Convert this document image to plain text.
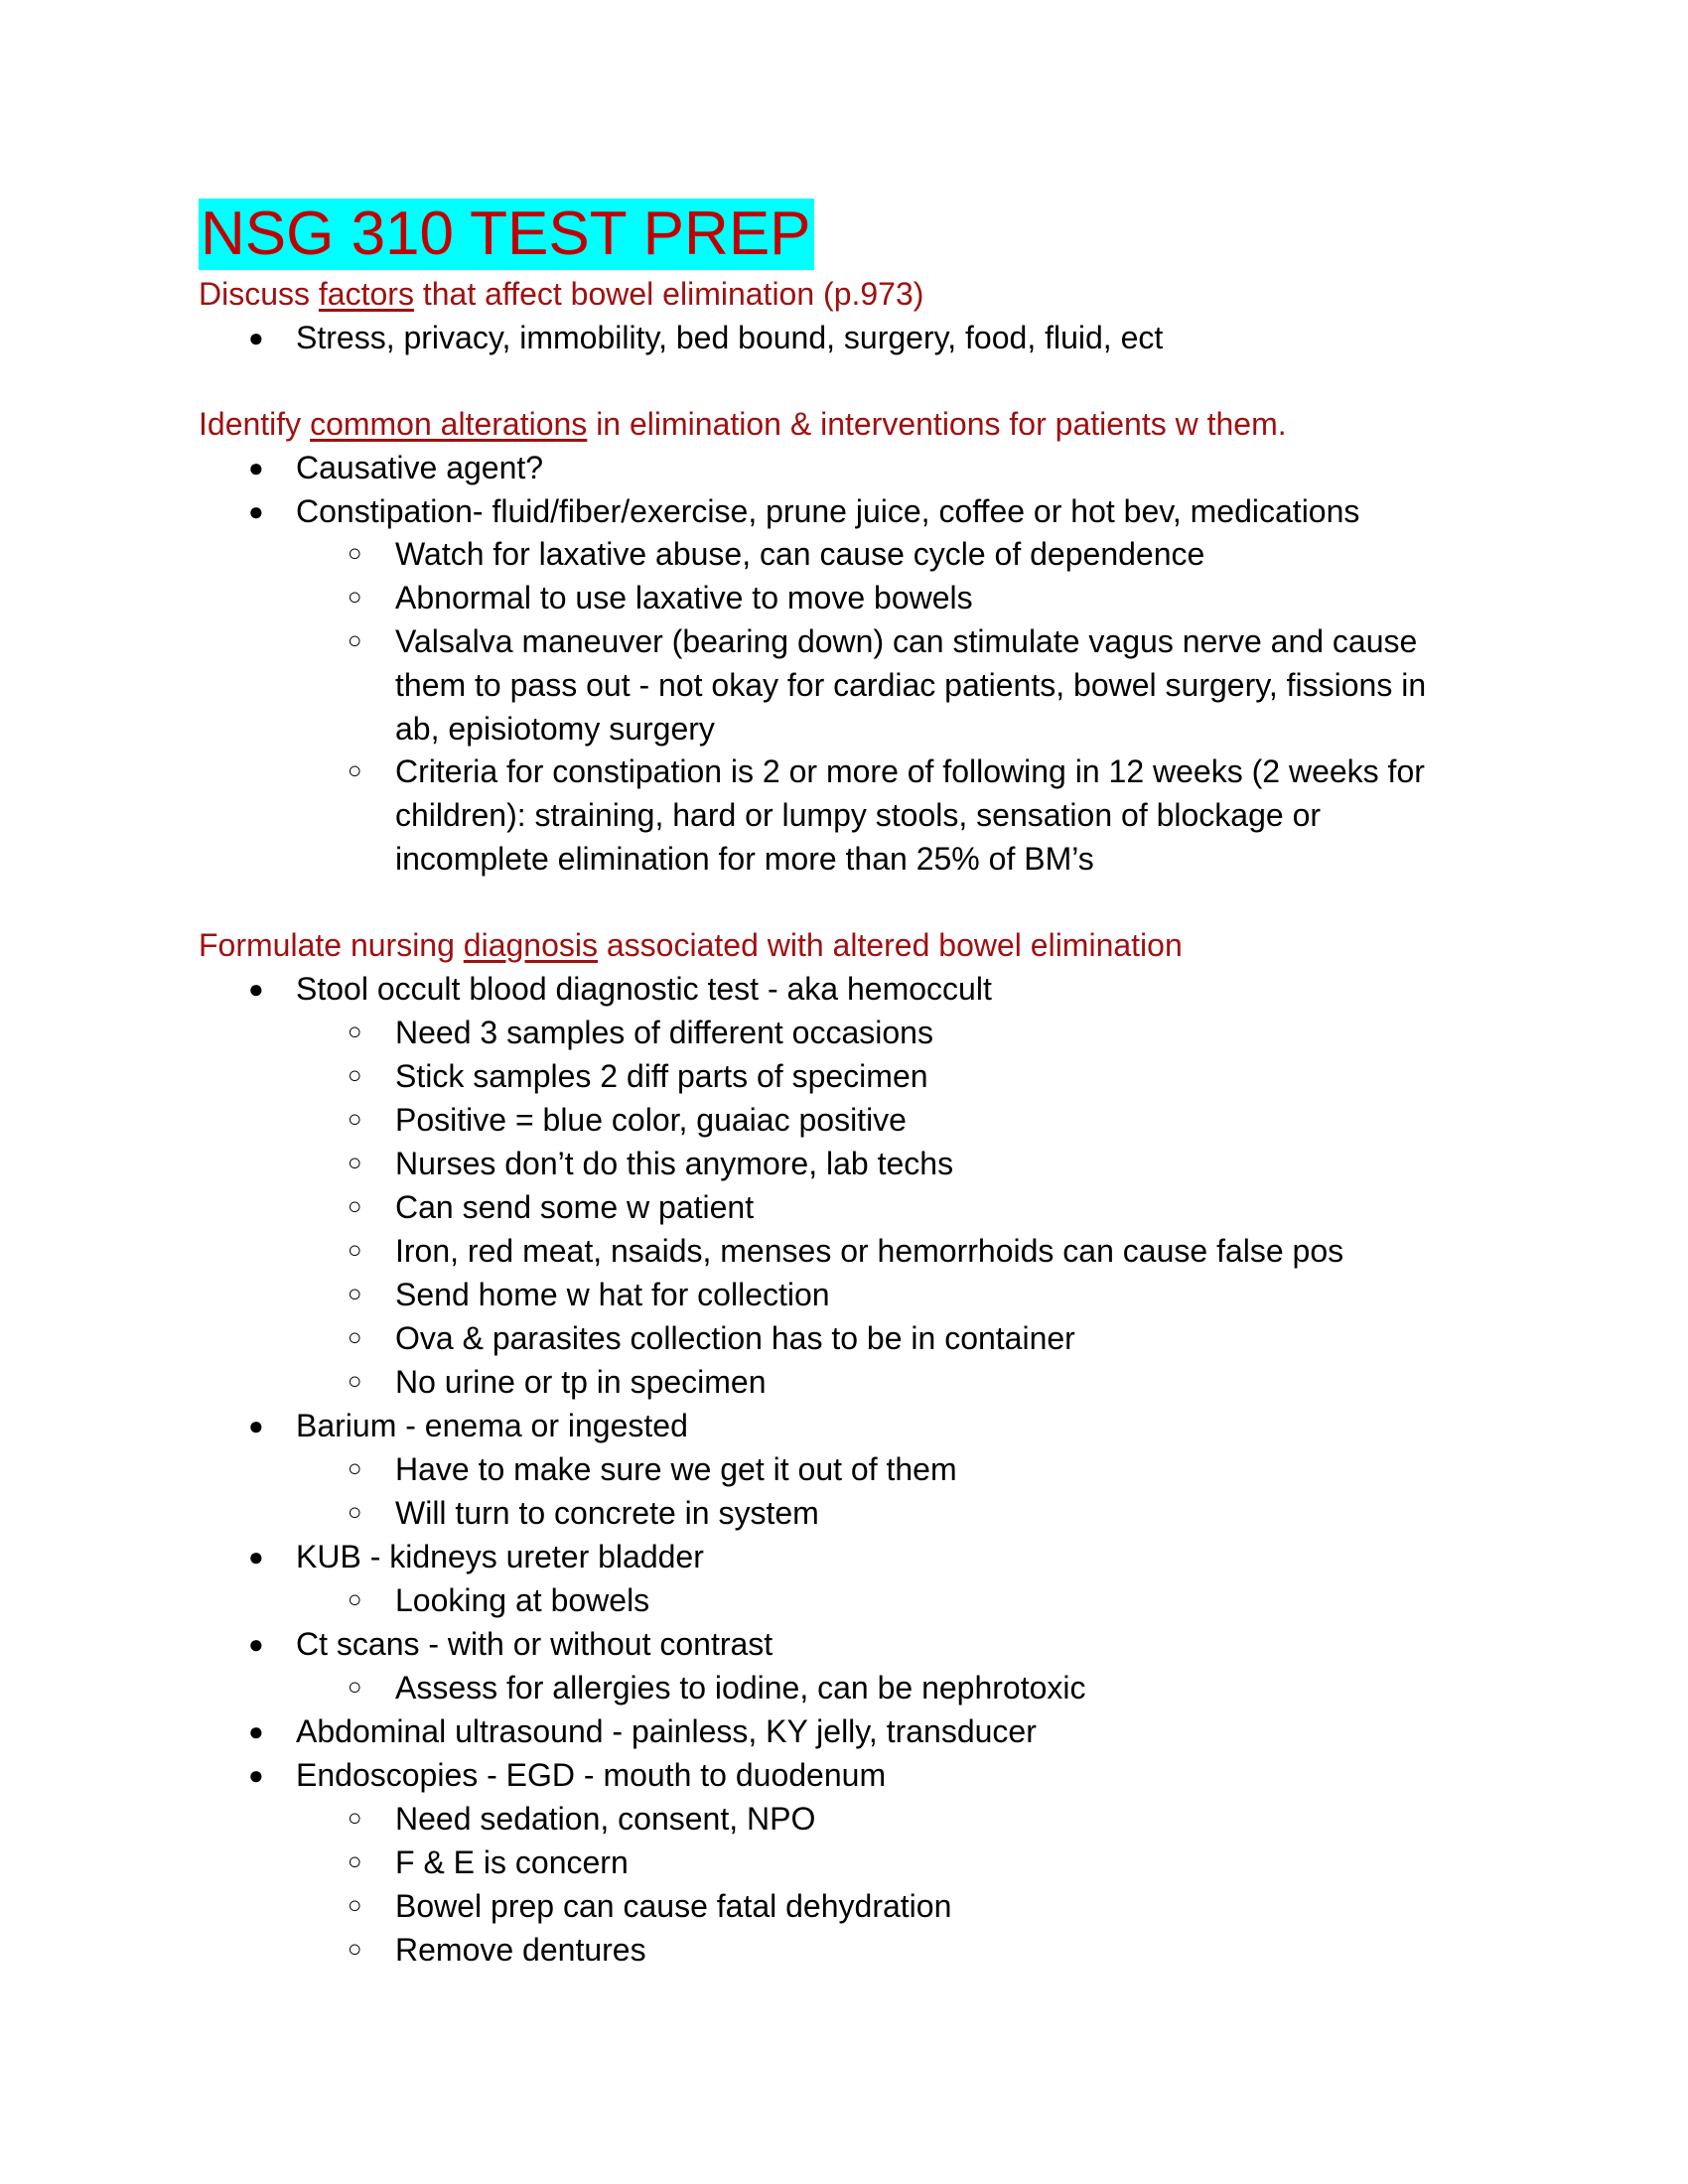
NSG 310 TEST PREP
Discuss factors that affect bowel elimination (p.973)
● Stress, privacy, immobility, bed bound, surgery, food, fluid, ect
Identify common alterations in elimination & interventions for patients w them.
● Causative agent?
● Constipation- fluid/fiber/exercise, prune juice, coffee or hot bev, medications
○ Watch for laxative abuse, can cause cycle of dependence
○ Abnormal to use laxative to move bowels
○ Valsalva maneuver (bearing down) can stimulate vagus nerve and cause
them to pass out - not okay for cardiac patients, bowel surgery, fissions in
ab, episiotomy surgery
○ Criteria for constipation is 2 or more of following in 12 weeks (2 weeks for
children): straining, hard or lumpy stools, sensation of blockage or
incomplete elimination for more than 25% of BM’s
Formulate nursing diagnosis associated with altered bowel elimination
● Stool occult blood diagnostic test - aka hemoccult
○ Need 3 samples of different occasions
○ Stick samples 2 diff parts of specimen
○ Positive = blue color, guaiac positive
○ Nurses don’t do this anymore, lab techs
○ Can send some w patient
○ Iron, red meat, nsaids, menses or hemorrhoids can cause false pos
○ Send home w hat for collection
○ Ova & parasites collection has to be in container
○ No urine or tp in specimen
● Barium - enema or ingested
○ Have to make sure we get it out of them
○ Will turn to concrete in system
● KUB - kidneys ureter bladder
○ Looking at bowels
● Ct scans - with or without contrast
○ Assess for allergies to iodine, can be nephrotoxic
● Abdominal ultrasound - painless, KY jelly, transducer
● Endoscopies - EGD - mouth to duodenum
○ Need sedation, consent, NPO
○ F & E is concern
○ Bowel prep can cause fatal dehydration
○ Remove dentures
